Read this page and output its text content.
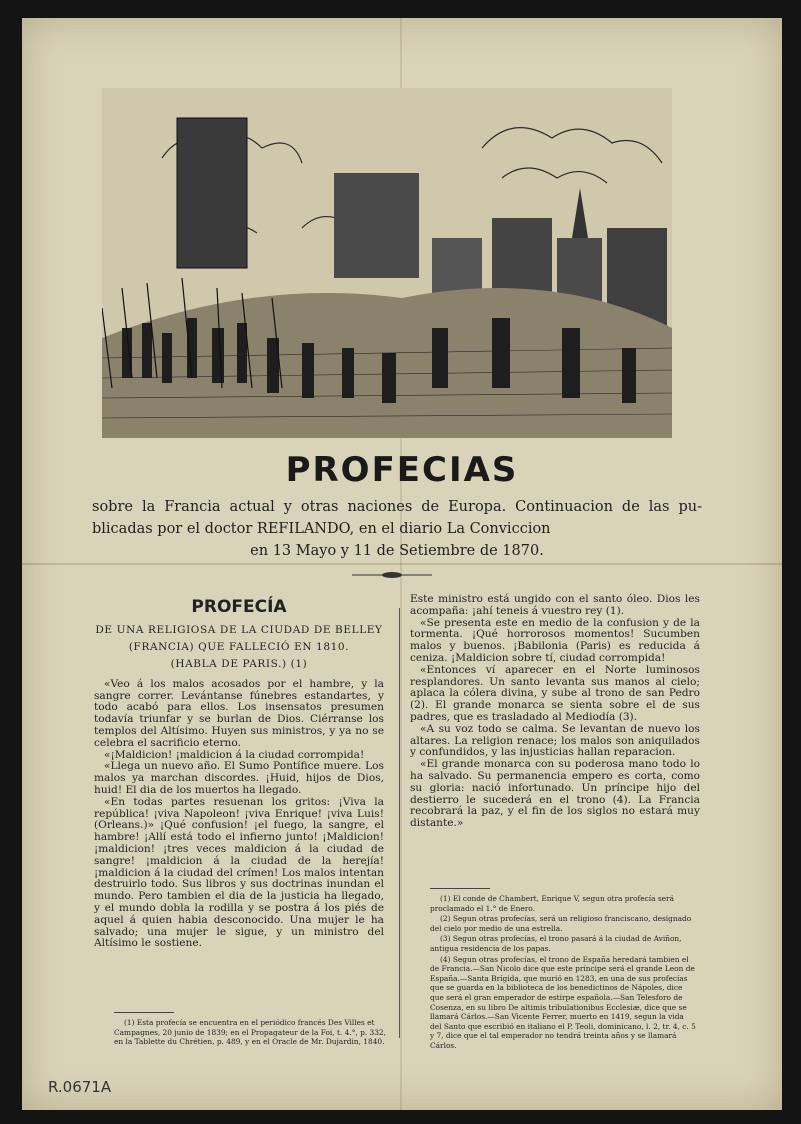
PROFECIAS
sobre la Francia actual y otras naciones de Europa. Continuacion de las pu- blicadas por el doctor REFILANDO, en el diario La Conviccion
en 13 Mayo y 11 de Setiembre de 1870.
PROFECÍA
DE UNA RELIGIOSA DE LA CIUDAD DE BELLEY
(FRANCIA) QUE FALLECIÓ EN 1810.
(HABLA DE PARIS.) (1)

«Veo á los malos acosados por el hambre, y la sangre correr. Levántanse fúnebres estandartes, y todo acabó para ellos. Los insensatos presumen todavía triunfar y se burlan de Dios. Ciérranse los templos del Altísimo. Huyen sus ministros, y ya no se celebra el sacrificio eterno.

«¡Maldicion! ¡maldicion á la ciudad corrompida!

«Llega un nuevo año. El Sumo Pontífice muere. Los malos ya marchan discordes. ¡Huid, hijos de Dios, huid! El dia de los muertos ha llegado.

«En todas partes resuenan los gritos: ¡Viva la república! ¡viva Napoleon! ¡viva Enrique! ¡viva Luis! (Orleans.)» ¡Qué confusion! ¡el fuego, la sangre, el hambre! ¡Allí está todo el infierno junto! ¡Maldicion! ¡maldicion! ¡tres veces maldicion á la ciudad de sangre! ¡maldicion á la ciudad de la herejía! ¡maldicion á la ciudad del crímen! Los malos intentan destruirlo todo. Sus libros y sus doctrinas inundan el mundo. Pero tambien el dia de la justicia ha llegado, y el mundo dobla la rodilla y se postra á los piés de aquel á quien habia desconocido. Una mujer le ha salvado; una mujer le sigue, y un ministro del Altísimo le sostiene.

(1) Esta profecía se encuentra en el periódico francés Des Villes et Campagnes, 20 junio de 1839; en el Propagateur de la Foi, t. 4.°, p. 332, en la Tablette du Chrétien, p. 489, y en el Oracle de Mr. Dujardin, 1840.

Este ministro está ungido con el santo óleo. Dios les acompaña: ¡ahí teneis á vuestro rey (1).

«Se presenta este en medio de la confusion y de la tormenta. ¡Qué horrorosos momentos! Sucumben malos y buenos. ¡Babilonia (Paris) es reducida á ceniza. ¡Maldicion sobre tí, ciudad corrompida!

«Entonces ví aparecer en el Norte luminosos resplandores. Un santo levanta sus manos al cielo; aplaca la cólera divina, y sube al trono de san Pedro (2). El grande monarca se sienta sobre el de sus padres, que es trasladado al Mediodía (3).

«A su voz todo se calma. Se levantan de nuevo los altares. La religion renace; los malos son aniquilados y confundidos, y las injusticias hallan reparacion.

«El grande monarca con su poderosa mano todo lo ha salvado. Su permanencia empero es corta, como su gloria: nació infortunado. Un príncipe hijo del destierro le sucederá en el trono (4). La Francia recobrará la paz, y el fin de los siglos no estará muy distante.»

(1) El conde de Chambert, Enrique V, segun otra profecía será proclamado el 1.° de Enero.

(2) Segun otras profecías, será un religioso franciscano, designado del cielo por medio de una estrella.

(3) Segun otras profecías, el trono pasará á la ciudad de Aviñon, antigua residencia de los papas.

(4) Segun otras profecías, el trono de España heredará tambien el de Francia.—San Nicolo dice que este príncipe será el grande Leon de España.—Santa Brígida, que murió en 1283, en una de sus profecías que se guarda en la biblioteca de los benedictinos de Nápoles, dice que será el gran emperador de estirpe española.—San Telesforo de Cosenza, en su libro De altimis tribulationibus Ecclesiæ, dice que se llamará Cárlos.—San Vicente Ferrer, muerto en 1419, segun la vida del Santo que escribió en italiano el P. Teoli, dominicano, l. 2, tr. 4, c. 5 y 7, dice que el tal emperador no tendrá treinta años y se llamará Cárlos.

R.0671A
